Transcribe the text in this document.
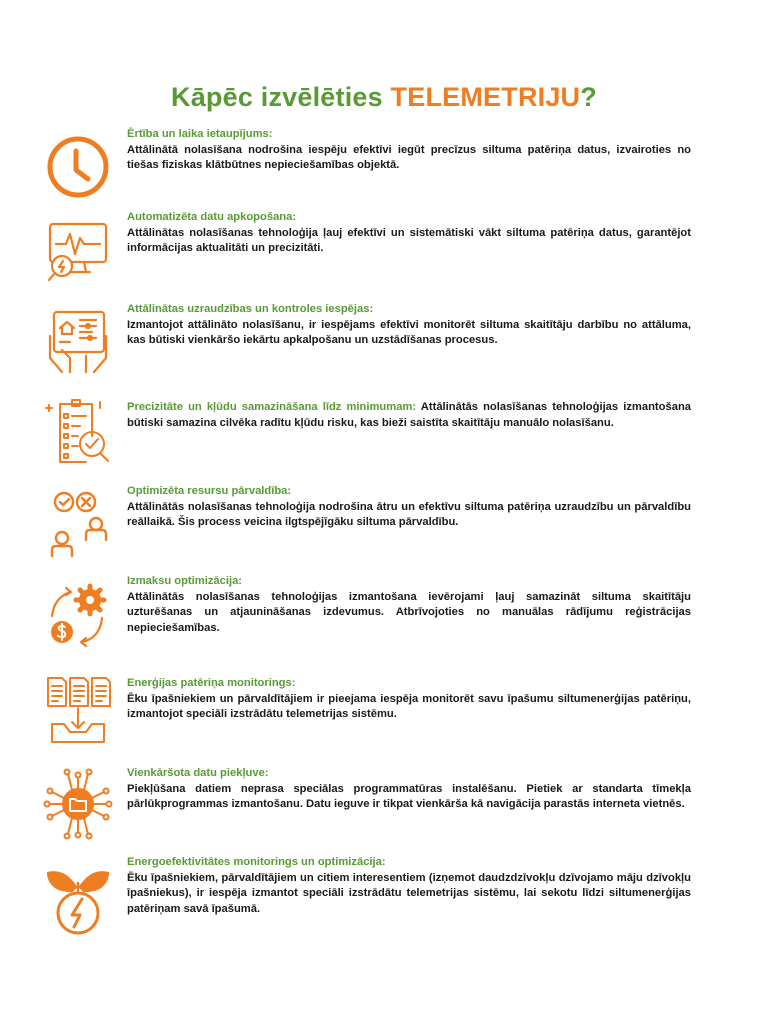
Kāpēc izvēlēties TELEMETRIJU?
Ērtība un laika ietaupījums:
Attālinātā nolasīšana nodrošina iespēju efektīvi iegūt precīzus siltuma patēriņa datus, izvairoties no tiešas fiziskas klātbūtnes nepieciešamības objektā.
Automatizēta datu apkopošana:
Attālinātas nolasīšanas tehnoloģija ļauj efektīvi un sistemātiski vākt siltuma patēriņa datus, garantējot informācijas aktualitāti un precizitāti.
Attālinātas uzraudzības un kontroles iespējas:
Izmantojot attālināto nolasīšanu, ir iespējams efektīvi monitorēt siltuma skaitītāju darbību no attāluma, kas būtiski vienkāršo iekārtu apkalpošanu un uzstādīšanas procesus.
Precizitāte un kļūdu samazināšana līdz minimumam: Attālinātās nolasīšanas tehnoloģijas izmantošana būtiski samazina cilvēka radītu kļūdu risku, kas bieži saistīta skaitītāju manuālo nolasīšanu.
Optimizēta resursu pārvaldība:
Attālinātās nolasīšanas tehnoloģija nodrošina ātru un efektīvu siltuma patēriņa uzraudzību un pārvaldību reāllaikā. Šis process veicina ilgtspējīgāku siltuma pārvaldību.
Izmaksu optimizācija:
Attālinātās nolasīšanas tehnoloģijas izmantošana ievērojami ļauj samazināt siltuma skaitītāju uzturēšanas un atjaunināšanas izdevumus. Atbrīvojoties no manuālas rādījumu reģistrācijas nepieciešamības.
Enerģijas patēriņa monitorings:
Ēku īpašniekiem un pārvaldītājiem ir pieejama iespēja monitorēt savu īpašumu siltumenerģijas patēriņu, izmantojot speciāli izstrādātu telemetrijas sistēmu.
Vienkāršota datu piekļuve:
Piekļūšana datiem neprasa speciālas programmatūras instalēšanu. Pietiek ar standarta tīmekļa pārlūkprogrammas izmantošanu. Datu ieguve ir tikpat vienkārša kā navigācija parastās interneta vietnēs.
Energoefektivitātes monitorings un optimizācija:
Ēku īpašniekiem, pārvaldītājiem un citiem interesentiem (izņemot daudzdzīvokļu dzīvojamo māju dzīvokļu īpašniekus), ir iespēja izmantot speciāli izstrādātu telemetrijas sistēmu, lai sekotu līdzi siltumenerģijas patēriņam savā īpašumā.
